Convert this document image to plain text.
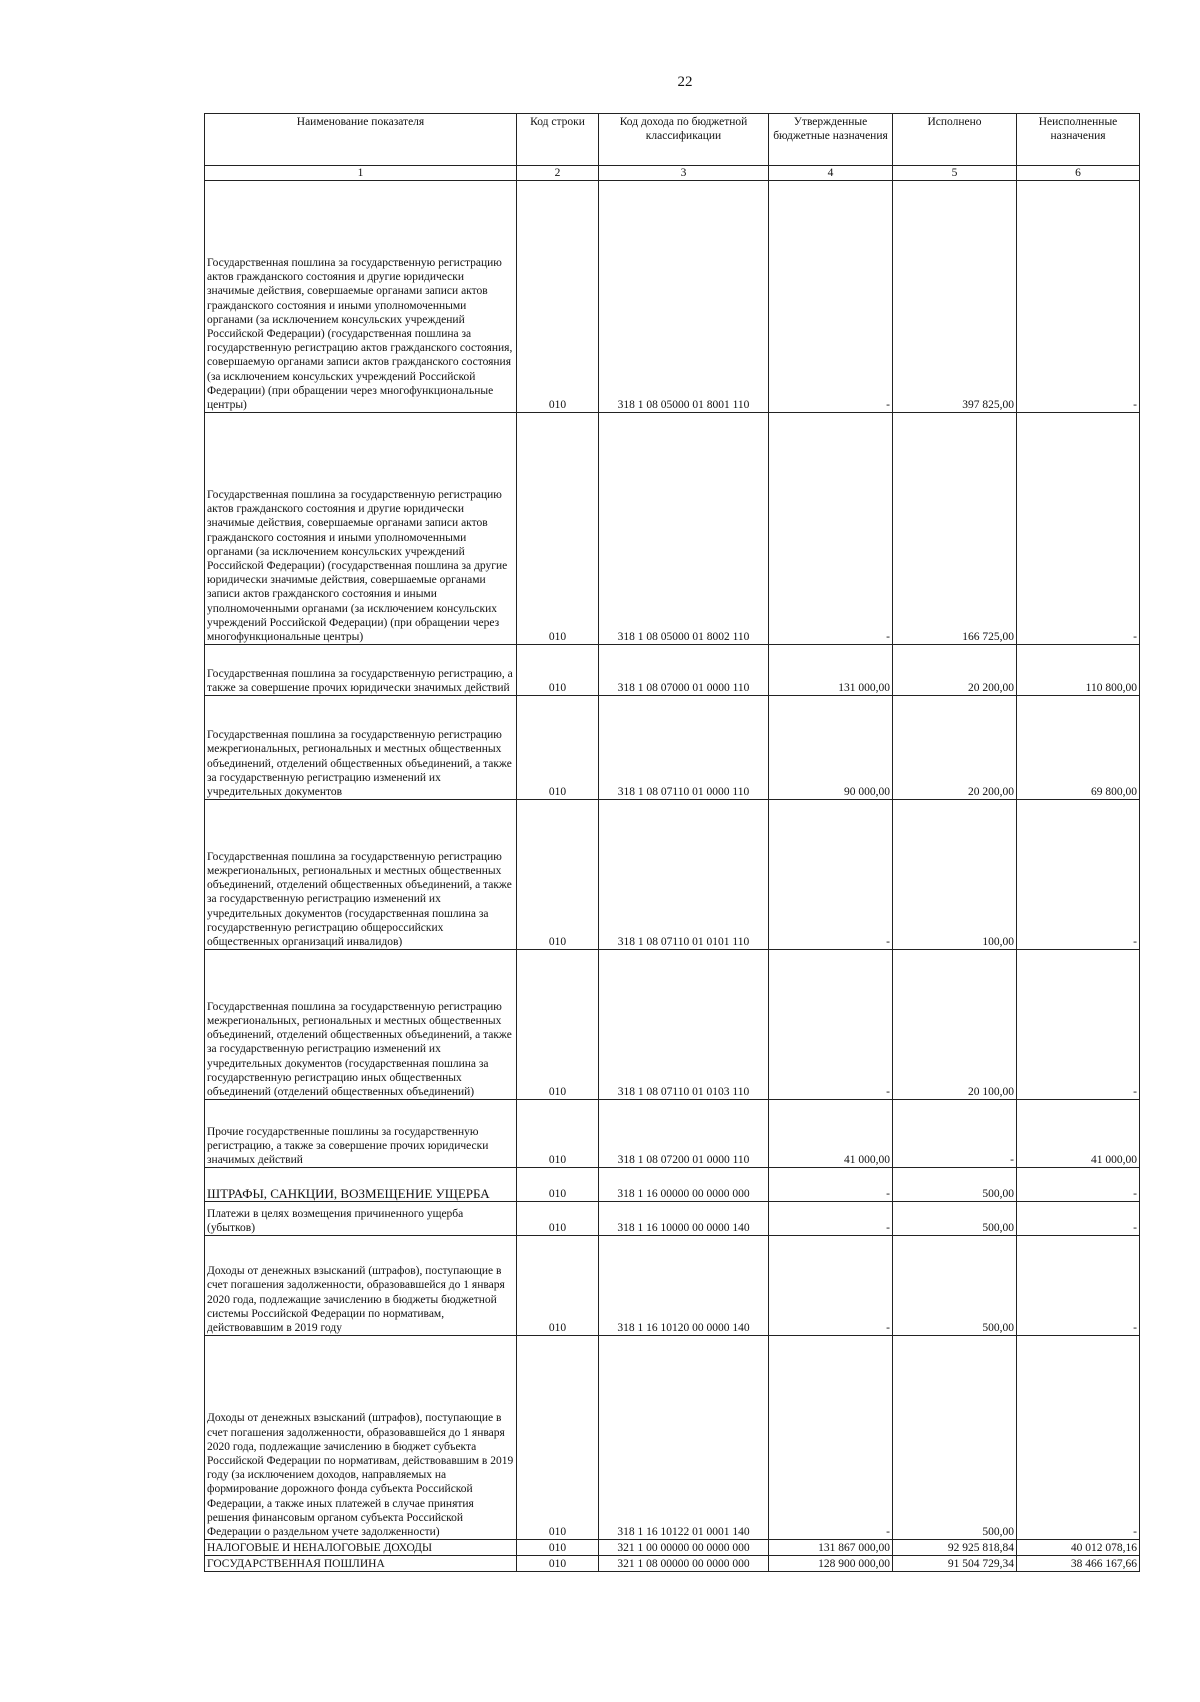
22
Наименование показателя	Код строки	Код дохода по бюджетной классификации	Утвержденные бюджетные назначения	Исполнено	Неисполненные назначения
1	2	3	4	5	6
Государственная пошлина за государственную регистрацию актов гражданского состояния и другие юридически значимые действия, совершаемые органами записи актов гражданского состояния и иными уполномоченными органами (за исключением консульских учреждений Российской Федерации) (государственная пошлина за государственную регистрацию актов гражданского состояния, совершаемую органами записи актов гражданского состояния (за исключением консульских учреждений Российской Федерации) (при обращении через многофункциональные центры)	010	318 1 08 05000 01 8001 110	-	397 825,00	-
Государственная пошлина за государственную регистрацию актов гражданского состояния и другие юридически значимые действия, совершаемые органами записи актов гражданского состояния и иными уполномоченными органами (за исключением консульских учреждений Российской Федерации) (государственная пошлина за другие юридически значимые действия, совершаемые органами записи актов гражданского состояния и иными уполномоченными органами (за исключением консульских учреждений Российской Федерации) (при обращении через многофункциональные центры)	010	318 1 08 05000 01 8002 110	-	166 725,00	-
Государственная пошлина за государственную регистрацию, а также за совершение прочих юридически значимых действий	010	318 1 08 07000 01 0000 110	131 000,00	20 200,00	110 800,00
Государственная пошлина за государственную регистрацию межрегиональных, региональных и местных общественных объединений, отделений общественных объединений, а также за государственную регистрацию изменений их учредительных документов	010	318 1 08 07110 01 0000 110	90 000,00	20 200,00	69 800,00
Государственная пошлина за государственную регистрацию межрегиональных, региональных и местных общественных объединений, отделений общественных объединений, а также за государственную регистрацию изменений их учредительных документов (государственная пошлина за государственную регистрацию общероссийских общественных организаций инвалидов)	010	318 1 08 07110 01 0101 110	-	100,00	-
Государственная пошлина за государственную регистрацию межрегиональных, региональных и местных общественных объединений, отделений общественных объединений, а также за государственную регистрацию изменений их учредительных документов (государственная пошлина за государственную регистрацию иных общественных объединений (отделений общественных объединений)	010	318 1 08 07110 01 0103 110	-	20 100,00	-
Прочие государственные пошлины за государственную регистрацию, а также за совершение прочих юридически значимых действий	010	318 1 08 07200 01 0000 110	41 000,00	-	41 000,00
ШТРАФЫ, САНКЦИИ, ВОЗМЕЩЕНИЕ УЩЕРБА	010	318 1 16 00000 00 0000 000	-	500,00	-
Платежи в целях возмещения причиненного ущерба (убытков)	010	318 1 16 10000 00 0000 140	-	500,00	-
Доходы от денежных взысканий (штрафов), поступающие в счет погашения задолженности, образовавшейся до 1 января 2020 года, подлежащие зачислению в бюджеты бюджетной системы Российской Федерации по нормативам, действовавшим в 2019 году	010	318 1 16 10120 00 0000 140	-	500,00	-
Доходы от денежных взысканий (штрафов), поступающие в счет погашения задолженности, образовавшейся до 1 января 2020 года, подлежащие зачислению в бюджет субъекта Российской Федерации по нормативам, действовавшим в 2019 году (за исключением доходов, направляемых на формирование дорожного фонда субъекта Российской Федерации, а также иных платежей в случае принятия решения финансовым органом субъекта Российской Федерации о раздельном учете задолженности)	010	318 1 16 10122 01 0001 140	-	500,00	-
НАЛОГОВЫЕ И НЕНАЛОГОВЫЕ ДОХОДЫ	010	321 1 00 00000 00 0000 000	131 867 000,00	92 925 818,84	40 012 078,16
ГОСУДАРСТВЕННАЯ ПОШЛИНА	010	321 1 08 00000 00 0000 000	128 900 000,00	91 504 729,34	38 466 167,66
